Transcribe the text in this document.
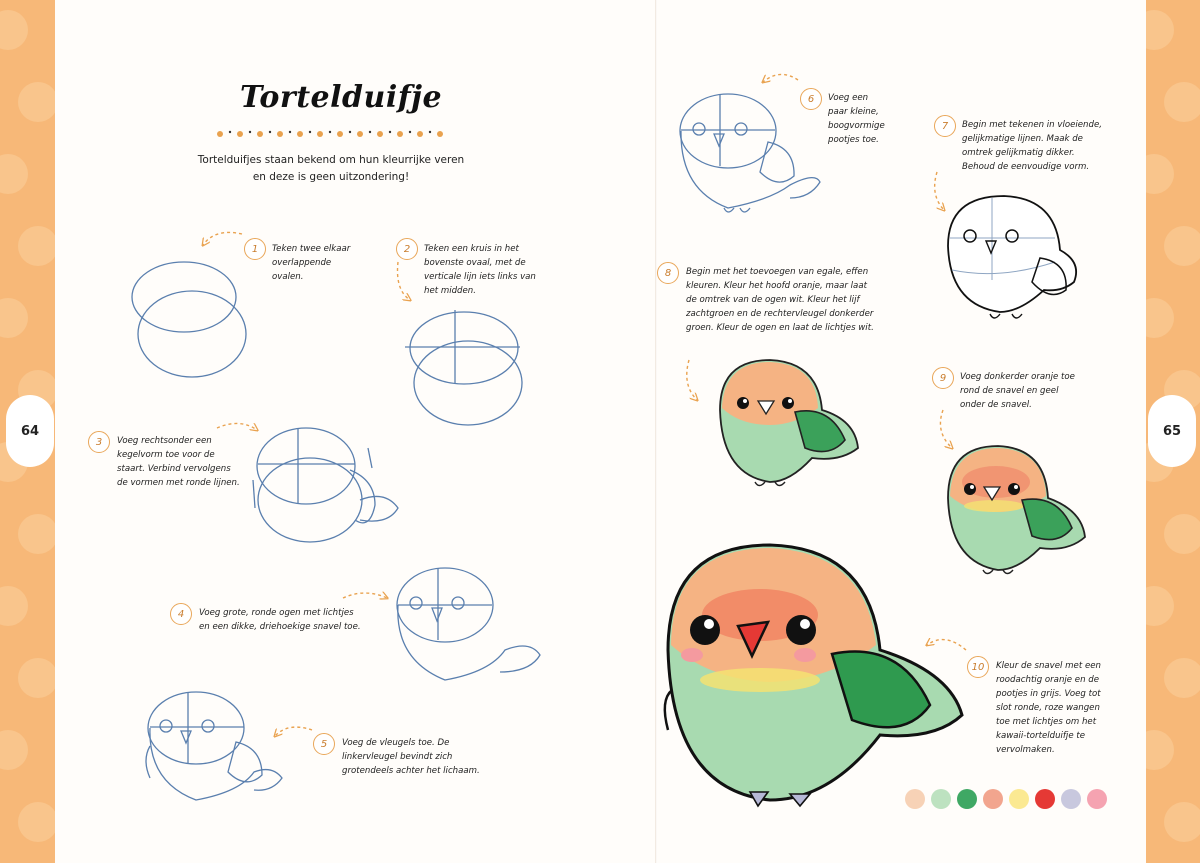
64	65
Tortelduifje
Tortelduifjes staan bekend om hun kleurrijke veren en deze is geen uitzondering!
1	Teken twee elkaar overlappende ovalen.
2	Teken een kruis in het bovenste ovaal, met de verticale lijn iets links van het midden.
3	Voeg rechtsonder een kegelvorm toe voor de staart. Verbind vervolgens de vormen met ronde lijnen.
4	Voeg grote, ronde ogen met lichtjes en een dikke, driehoekige snavel toe.
5	Voeg de vleugels toe. De linkervleugel bevindt zich grotendeels achter het lichaam.
6	Voeg een paar kleine, boogvormige pootjes toe.
7	Begin met tekenen in vloeiende, gelijkmatige lijnen. Maak de omtrek gelijkmatig dikker. Behoud de eenvoudige vorm.
8	Begin met het toevoegen van egale, effen kleuren. Kleur het hoofd oranje, maar laat de omtrek van de ogen wit. Kleur het lijf zachtgroen en de rechtervleugel donkerder groen. Kleur de ogen en laat de lichtjes wit.
9	Voeg donkerder oranje toe rond de snavel en geel onder de snavel.
10	Kleur de snavel met een roodachtig oranje en de pootjes in grijs. Voeg tot slot ronde, roze wangen toe met lichtjes om het kawaii-tortelduifje te vervolmaken.
